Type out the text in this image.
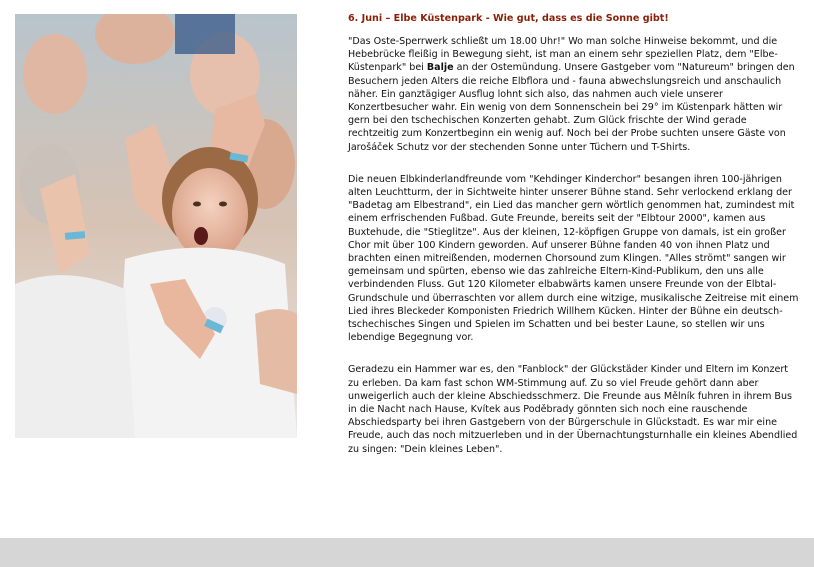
6. Juni – Elbe Küstenpark - Wie gut, dass es die Sonne gibt!

"Das Oste-Sperrwerk schließt um 18.00 Uhr!" Wo man solche Hinweise bekommt, und die Hebebrücke fleißig in Bewegung sieht, ist man an einem sehr speziellen Platz, dem "Elbe-Küstenpark" bei Balje an der Ostemündung. Unsere Gastgeber vom "Natureum" bringen den Besuchern jeden Alters die reiche Elbflora und - fauna abwechslungsreich und anschaulich näher. Ein ganztägiger Ausflug lohnt sich also, das nahmen auch viele unserer Konzertbesucher wahr. Ein wenig von dem Sonnenschein bei 29° im Küstenpark hätten wir gern bei den tschechischen Konzerten gehabt. Zum Glück frischte der Wind gerade rechtzeitig zum Konzertbeginn ein wenig auf. Noch bei der Probe suchten unsere Gäste von Jarošáček Schutz vor der stechenden Sonne unter Tüchern und T-Shirts.

Die neuen Elbkinderlandfreunde vom "Kehdinger Kinderchor" besangen ihren 100-jährigen alten Leuchtturm, der in Sichtweite hinter unserer Bühne stand. Sehr verlockend erklang der "Badetag am Elbestrand", ein Lied das mancher gern wörtlich genommen hat, zumindest mit einem erfrischenden Fußbad. Gute Freunde, bereits seit der "Elbtour 2000", kamen aus Buxtehude, die "Stieglitze". Aus der kleinen, 12-köpfigen Gruppe von damals, ist ein großer Chor mit über 100 Kindern geworden. Auf unserer Bühne fanden 40 von ihnen Platz und brachten einen mitreißenden, modernen Chorsound zum Klingen. "Alles strömt" sangen wir gemeinsam und spürten, ebenso wie das zahlreiche Eltern-Kind-Publikum, den uns alle verbindenden Fluss. Gut 120 Kilometer elbabwärts kamen unsere Freunde von der Elbtal-Grundschule und überraschten vor allem durch eine witzige, musikalische Zeitreise mit einem Lied ihres Bleckeder Komponisten Friedrich Willhem Kücken. Hinter der Bühne ein deutsch-tschechisches Singen und Spielen im Schatten und bei bester Laune, so stellen wir uns lebendige Begegnung vor.

Geradezu ein Hammer war es, den "Fanblock" der Glückstäder Kinder und Eltern im Konzert zu erleben. Da kam fast schon WM-Stimmung auf. Zu so viel Freude gehört dann aber unweigerlich auch der kleine Abschiedsschmerz. Die Freunde aus Mělník fuhren in ihrem Bus in die Nacht nach Hause, Kvítek aus Poděbrady gönnten sich noch eine rauschende Abschiedsparty bei ihren Gastgebern von der Bürgerschule in Glückstadt. Es war mir eine Freude, auch das noch mitzuerleben und in der Übernachtungsturnhalle ein kleines Abendlied zu singen: "Dein kleines Leben".
